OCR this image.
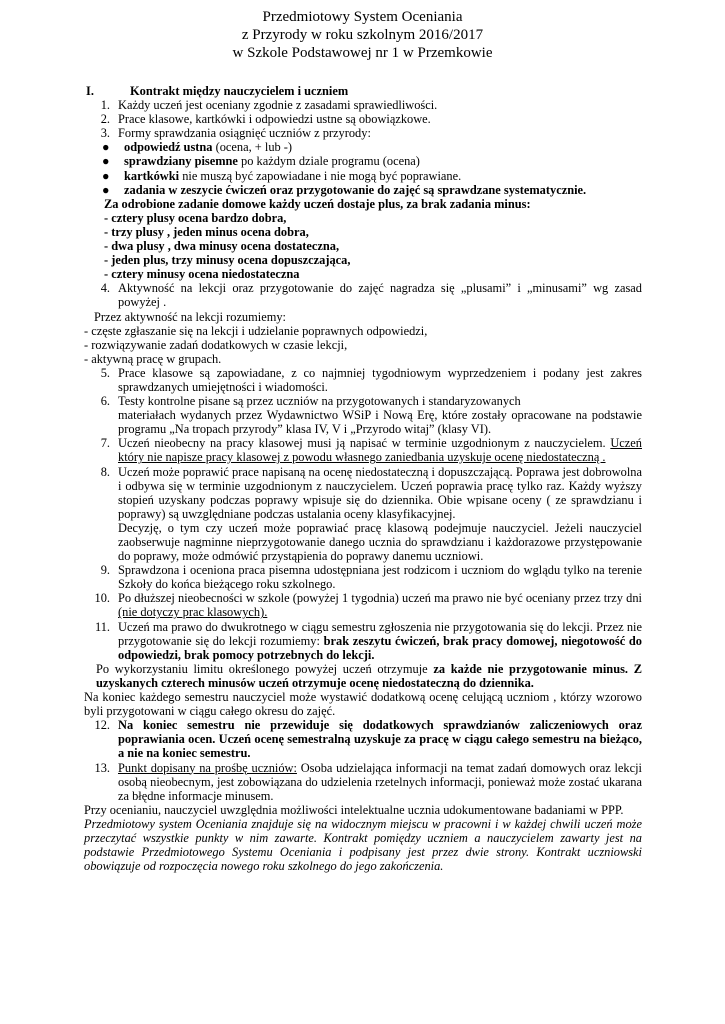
Przedmiotowy System Oceniania
z Przyrody w roku szkolnym 2016/2017
w Szkole Podstawowej nr 1 w Przemkowie
I.	Kontrakt między nauczycielem i uczniem
1. Każdy uczeń jest oceniany zgodnie z zasadami sprawiedliwości.
2. Prace klasowe, kartkówki i odpowiedzi ustne są obowiązkowe.
3. Formy sprawdzania osiągnięć uczniów z przyrody:
●	odpowiedź ustna (ocena, + lub -)
●	sprawdziany pisemne po każdym dziale programu (ocena)
●	kartkówki nie muszą być zapowiadane i nie mogą być poprawiane.
●	zadania w zeszycie ćwiczeń oraz przygotowanie do zajęć są sprawdzane systematycznie.
Za odrobione zadanie domowe każdy uczeń dostaje plus, za brak zadania minus:
- cztery plusy ocena bardzo dobra,
- trzy plusy , jeden minus ocena dobra,
- dwa plusy , dwa minusy ocena dostateczna,
- jeden plus, trzy minusy ocena dopuszczająca,
- cztery minusy ocena niedostateczna
4. Aktywność na lekcji oraz przygotowanie do zajęć nagradza się „plusami” i „minusami” wg zasad powyżej .
Przez aktywność na lekcji rozumiemy:
- częste zgłaszanie się na lekcji i udzielanie poprawnych odpowiedzi,
- rozwiązywanie zadań dodatkowych w czasie lekcji,
- aktywną pracę w grupach.
5. Prace klasowe są zapowiadane, z co najmniej tygodniowym wyprzedzeniem i podany jest zakres sprawdzanych umiejętności i wiadomości.
6. Testy kontrolne pisane są przez uczniów na przygotowanych i standaryzowanych
materiałach wydanych przez Wydawnictwo WSiP i Nową Erę, które zostały opracowane na podstawie programu „Na tropach przyrody” klasa IV, V i „Przyrodo witaj” (klasy VI).
7. Uczeń nieobecny na pracy klasowej musi ją napisać w terminie uzgodnionym z nauczycielem. Uczeń który nie napisze pracy klasowej z powodu własnego zaniedbania uzyskuje ocenę niedostateczną .
8. Uczeń może poprawić prace napisaną na ocenę niedostateczną i dopuszczającą. Poprawa jest dobrowolna i odbywa się w terminie uzgodnionym z nauczycielem. Uczeń poprawia pracę tylko raz. Każdy wyższy stopień uzyskany podczas poprawy wpisuje się do dziennika. Obie wpisane oceny ( ze sprawdzianu i poprawy) są uwzględniane podczas ustalania oceny klasyfikacyjnej.
Decyzję, o tym czy uczeń może poprawiać pracę klasową podejmuje nauczyciel. Jeżeli nauczyciel zaobserwuje nagminne nieprzygotowanie danego ucznia do sprawdzianu i każdorazowe przystępowanie do poprawy, może odmówić przystąpienia do poprawy danemu uczniowi.
9. Sprawdzona i oceniona praca pisemna udostępniana jest rodzicom i uczniom do wglądu tylko na terenie Szkoły do końca bieżącego roku szkolnego.
10. Po dłuższej nieobecności w szkole (powyżej 1 tygodnia) uczeń ma prawo nie być oceniany przez trzy dni (nie dotyczy prac klasowych).
11. Uczeń ma prawo do dwukrotnego w ciągu semestru zgłoszenia nie przygotowania się do lekcji. Przez nie przygotowanie się do lekcji rozumiemy: brak zeszytu ćwiczeń, brak pracy domowej, niegotowość do odpowiedzi, brak pomocy potrzebnych do lekcji.
Po wykorzystaniu limitu określonego powyżej uczeń otrzymuje za każde nie przygotowanie minus. Z uzyskanych czterech minusów uczeń otrzymuje ocenę niedostateczną do dziennika.
Na koniec każdego semestru nauczyciel może wystawić dodatkową ocenę celującą uczniom , którzy wzorowo byli przygotowani w ciągu całego okresu do zajęć.
12. Na koniec semestru nie przewiduje się dodatkowych sprawdzianów zaliczeniowych oraz poprawiania ocen. Uczeń ocenę semestralną uzyskuje za pracę w ciągu całego semestru na bieżąco, a nie na koniec semestru.
13. Punkt dopisany na prośbę uczniów: Osoba udzielająca informacji na temat zadań domowych oraz lekcji osobą nieobecnym, jest zobowiązana do udzielenia rzetelnych informacji, ponieważ może zostać ukarana za błędne informacje minusem.
Przy ocenianiu, nauczyciel uwzględnia możliwości intelektualne ucznia udokumentowane badaniami w PPP.
Przedmiotowy system Oceniania znajduje się na widocznym miejscu w pracowni i w każdej chwili uczeń może przeczytać wszystkie punkty w nim zawarte. Kontrakt pomiędzy uczniem a nauczycielem zawarty jest na podstawie Przedmiotowego Systemu Oceniania i podpisany jest przez dwie strony. Kontrakt uczniowski obowiązuje od rozpoczęcia nowego roku szkolnego do jego zakończenia.
